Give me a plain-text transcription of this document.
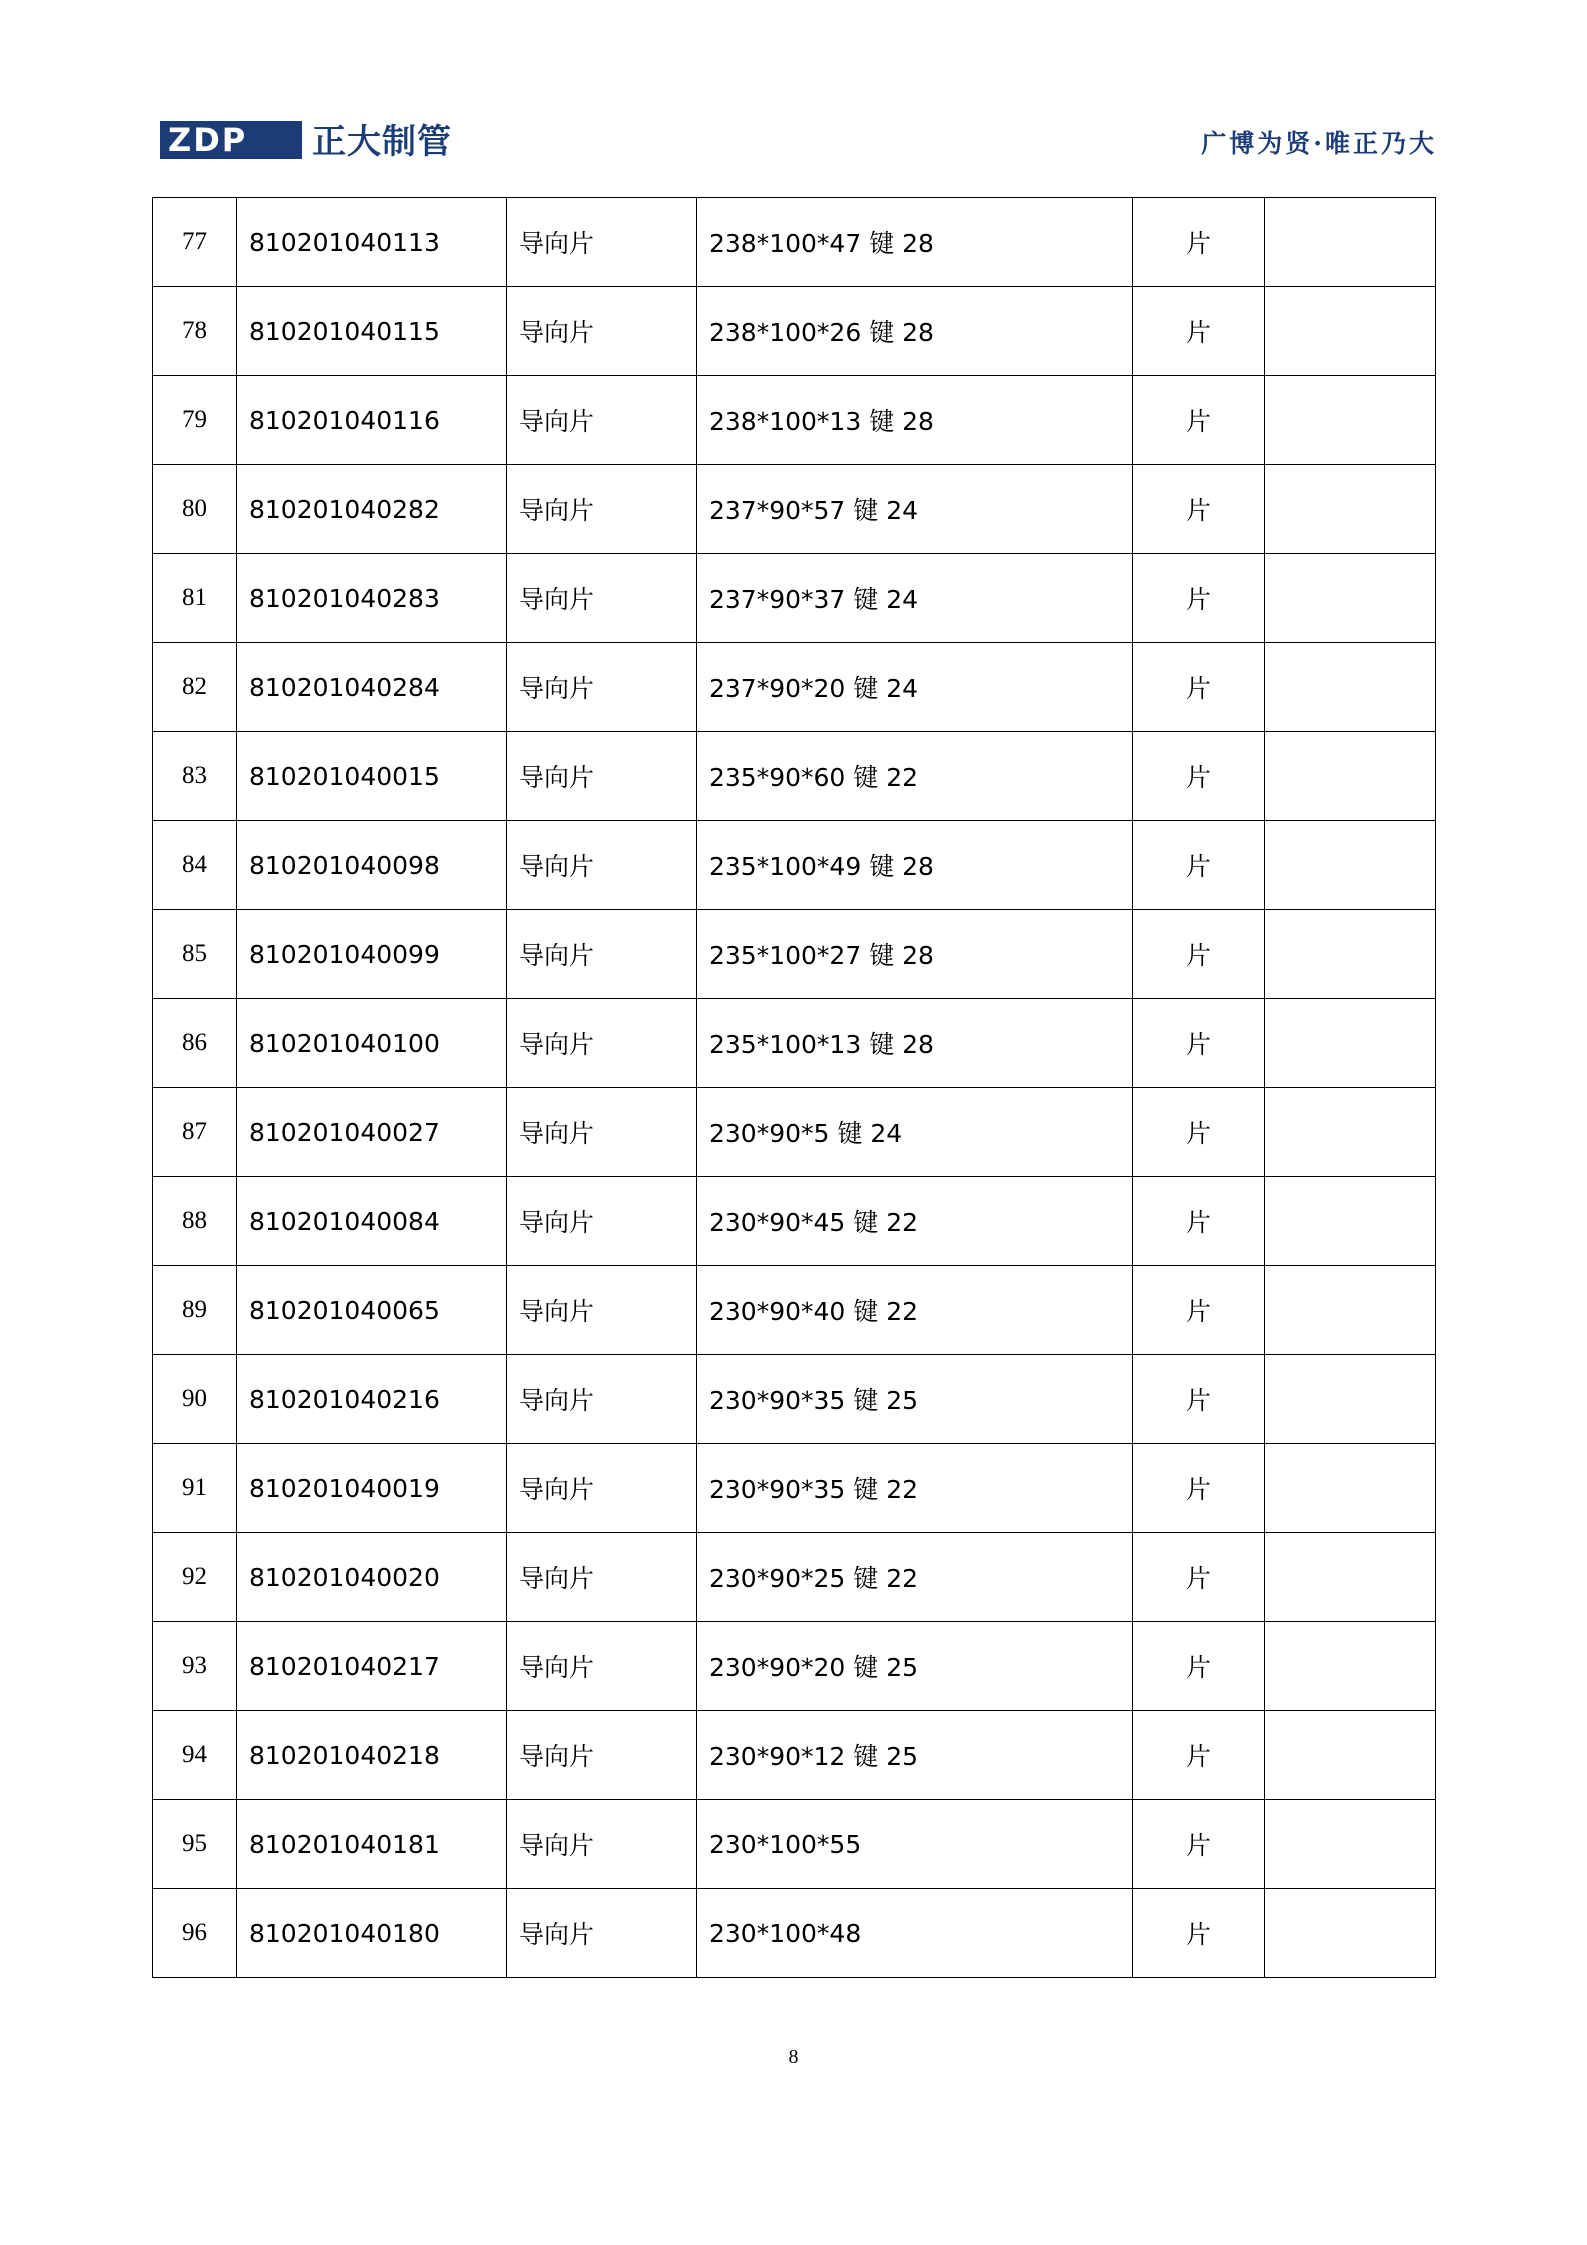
ZDP 正大制管	广博为贤·唯正乃大
77	810201040113	导向片	238*100*47 键 28	片	
78	810201040115	导向片	238*100*26 键 28	片	
79	810201040116	导向片	238*100*13 键 28	片	
80	810201040282	导向片	237*90*57 键 24	片	
81	810201040283	导向片	237*90*37 键 24	片	
82	810201040284	导向片	237*90*20 键 24	片	
83	810201040015	导向片	235*90*60 键 22	片	
84	810201040098	导向片	235*100*49 键 28	片	
85	810201040099	导向片	235*100*27 键 28	片	
86	810201040100	导向片	235*100*13 键 28	片	
87	810201040027	导向片	230*90*5 键 24	片	
88	810201040084	导向片	230*90*45 键 22	片	
89	810201040065	导向片	230*90*40 键 22	片	
90	810201040216	导向片	230*90*35 键 25	片	
91	810201040019	导向片	230*90*35 键 22	片	
92	810201040020	导向片	230*90*25 键 22	片	
93	810201040217	导向片	230*90*20 键 25	片	
94	810201040218	导向片	230*90*12 键 25	片	
95	810201040181	导向片	230*100*55	片	
96	810201040180	导向片	230*100*48	片	
8
